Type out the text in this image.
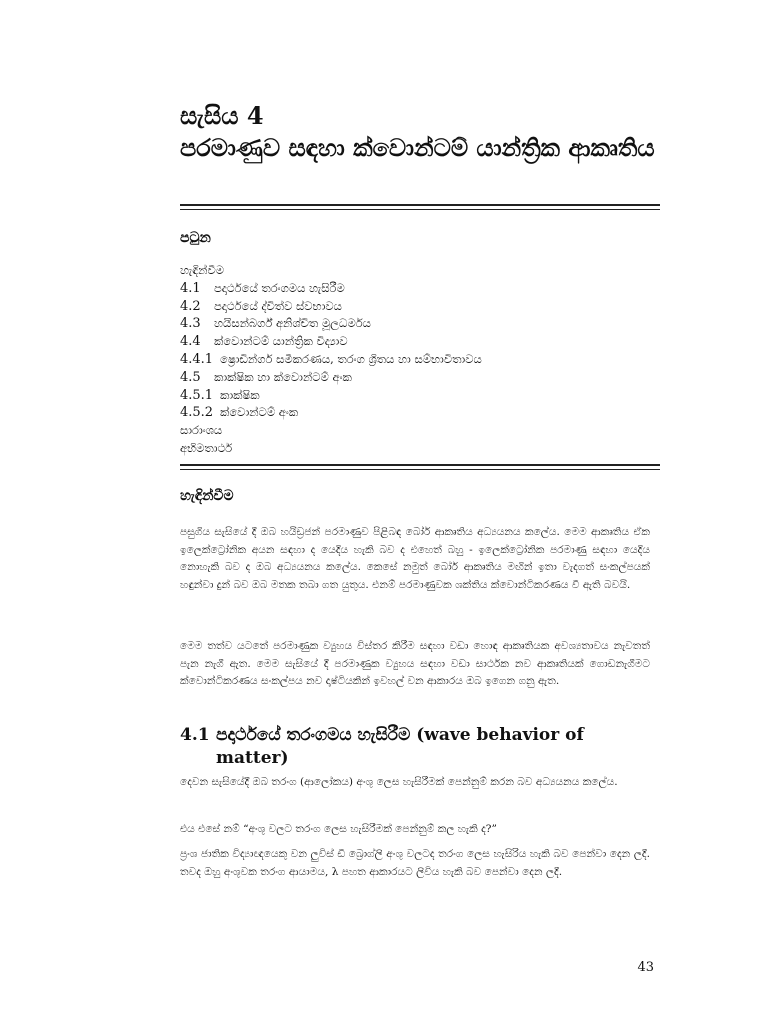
සැසිය 4
පරමාණුව සඳහා ක්වොන්ටම් යාන්ත්‍රික ආකෘතිය
පටුන
හැඳින්වීම
4.1 පදාර්ථයේ තරංගමය හැසිරීම
4.2 පදාර්ථයේ ද්විත්ව ස්වභාවය
4.3 හයිසන්බර්ග් අනිශ්චිත මූලධර්මය
4.4 ක්වොන්ටම් යාන්ත්‍රික විද්‍යාව
4.4.1 ෂ්‍රොඩින්ගර් සමීකරණය, තරංග ශ්‍රිතය හා සම්භාවිතාවය
4.5 කාක්ෂික හා ක්වොන්ටම් අංක
4.5.1 කාක්ෂික
4.5.2 ක්වොන්ටම් අංක
සාරාංශය
අභිමතාර්ථ
හැඳින්වීම

පසුගිය සැසියේ දී ඔබ හයිඩ්‍රජන් පරමාණුව පිළිබඳ බෝර් ආකෘතිය අධ්‍යයනය කලේය. මෙම ආකෘතිය ඒක ඉලෙක්ට්‍රෝනික අයන සඳහා ද යෙදිය හැකි බව ද එහෙත් බහු - ඉලෙක්ට්‍රෝනික පරමාණු සඳහා යෙදිය නොහැකි බව ද ඔබ අධ්‍යයනය කලේය. කෙසේ නමුත් බෝර් ආකෘතිය මඟින් ඉතා වැදගත් සංකල්පයක් හඳුන්වා දුන් බව ඔබ මතක තබා ගත යුතුය. එනම් පරමාණුවක ශක්තිය ක්වොන්ටිකරණය වී ඇති බවයි.

මෙම තත්ව යටතේ පරමාණුක ව්‍යුහය විස්තර කිරීම සඳහා වඩා හොඳ ආකෘතියක අවශ්‍යතාවය නැවතත් පැන නැගී ඇත. මෙම සැසියේ දී පරමාණුක ව්‍යුහය සඳහා වඩා සාර්ථක නව ආකෘතියක් ගොඩනැගීමට ක්වොන්ටිකරණය සංකල්පය නව දෘෂ්ටියකින් ඉවහල් වන ආකාරය ඔබ ඉගෙන ගනු ඇත.

4.1 පදාර්ථයේ තරංගමය හැසිරීම (wave behavior of
matter)

දෙවන සැසියේදී ඔබ තරංග (ආලෝකය) අංශු ලෙස හැසිරීමක් පෙන්නුම් කරන බව අධ්‍යයනය කලේය.

එය එසේ නම් “අංශු වලට තරංග ලෙස හැසිරීමක් පෙන්නුම් කල හැකි ද?”

ප්‍රංශ ජාතික විද්‍යාඥයෙකු වන ලුවිස් ඩී බ්‍රොග්ලි අංශු වලටද තරංග ලෙස හැසිරිය හැකි බව පෙන්වා දෙන ලදී. තවද ඔහු අංශුවක තරංග ආයාමය, λ පහත ආකාරයට ලිවිය හැකි බව පෙන්වා දෙන ලදී.

43
